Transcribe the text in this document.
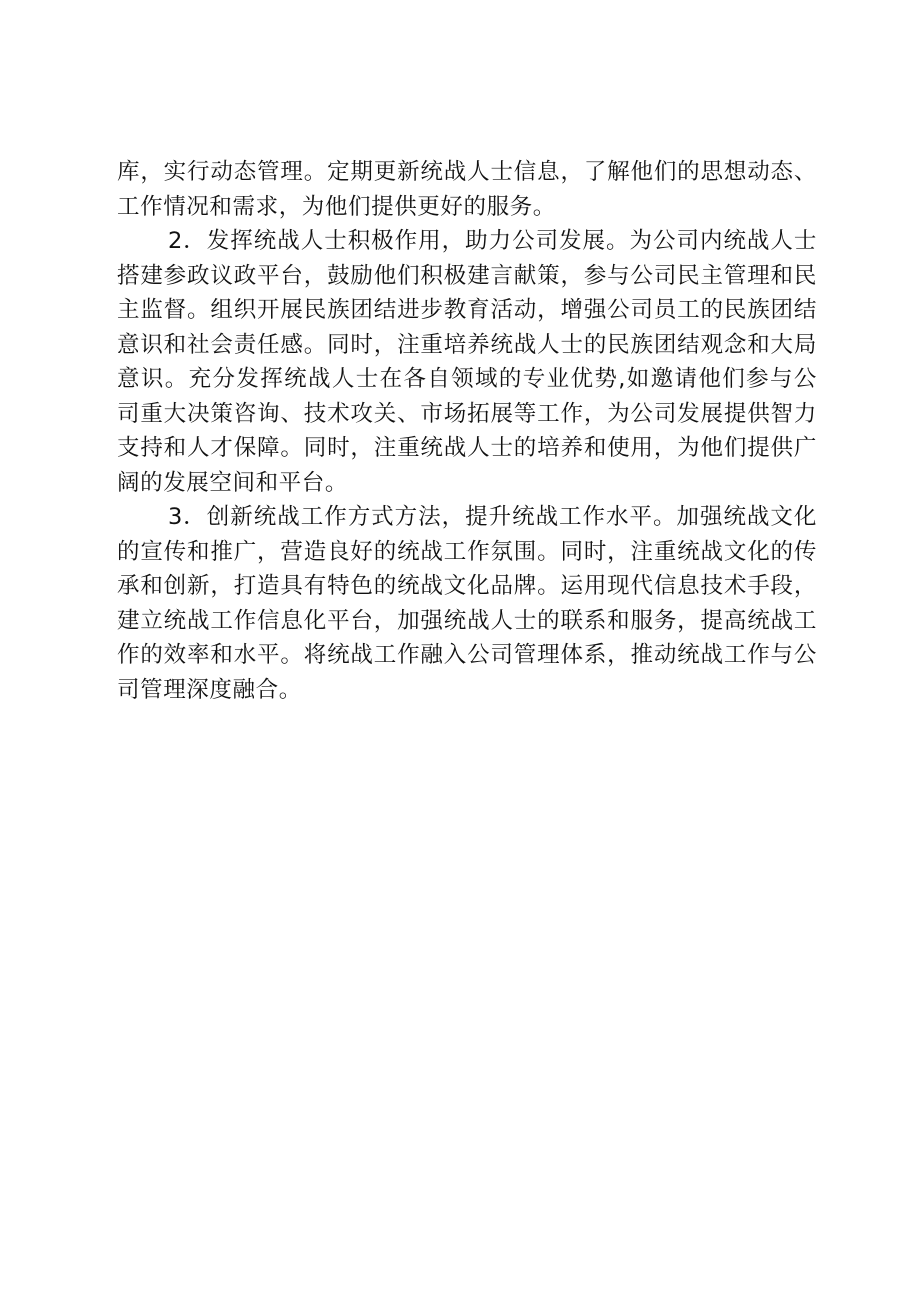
库，实行动态管理。定期更新统战人士信息，了解他们的思想动态、
工作情况和需求，为他们提供更好的服务。
2．发挥统战人士积极作用，助力公司发展。为公司内统战人士
搭建参政议政平台，鼓励他们积极建言献策，参与公司民主管理和民
主监督。组织开展民族团结进步教育活动，增强公司员工的民族团结
意识和社会责任感。同时，注重培养统战人士的民族团结观念和大局
意识。充分发挥统战人士在各自领域的专业优势,如邀请他们参与公
司重大决策咨询、技术攻关、市场拓展等工作，为公司发展提供智力
支持和人才保障。同时，注重统战人士的培养和使用，为他们提供广
阔的发展空间和平台。
3．创新统战工作方式方法，提升统战工作水平。加强统战文化
的宣传和推广，营造良好的统战工作氛围。同时，注重统战文化的传
承和创新，打造具有特色的统战文化品牌。运用现代信息技术手段，
建立统战工作信息化平台，加强统战人士的联系和服务，提高统战工
作的效率和水平。将统战工作融入公司管理体系，推动统战工作与公
司管理深度融合。
